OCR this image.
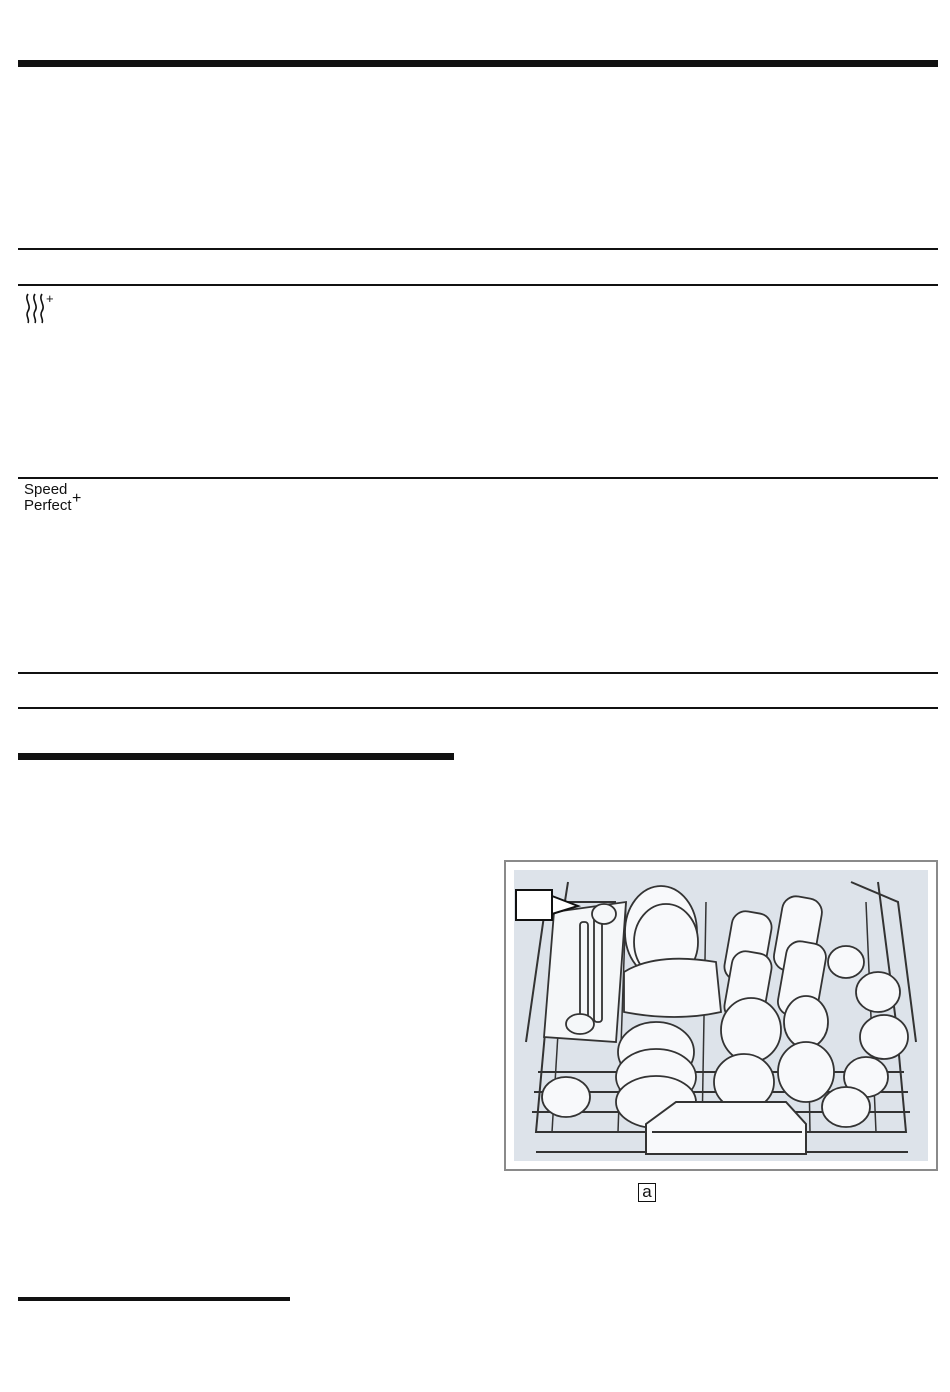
+
Speed
Perfect +
a
